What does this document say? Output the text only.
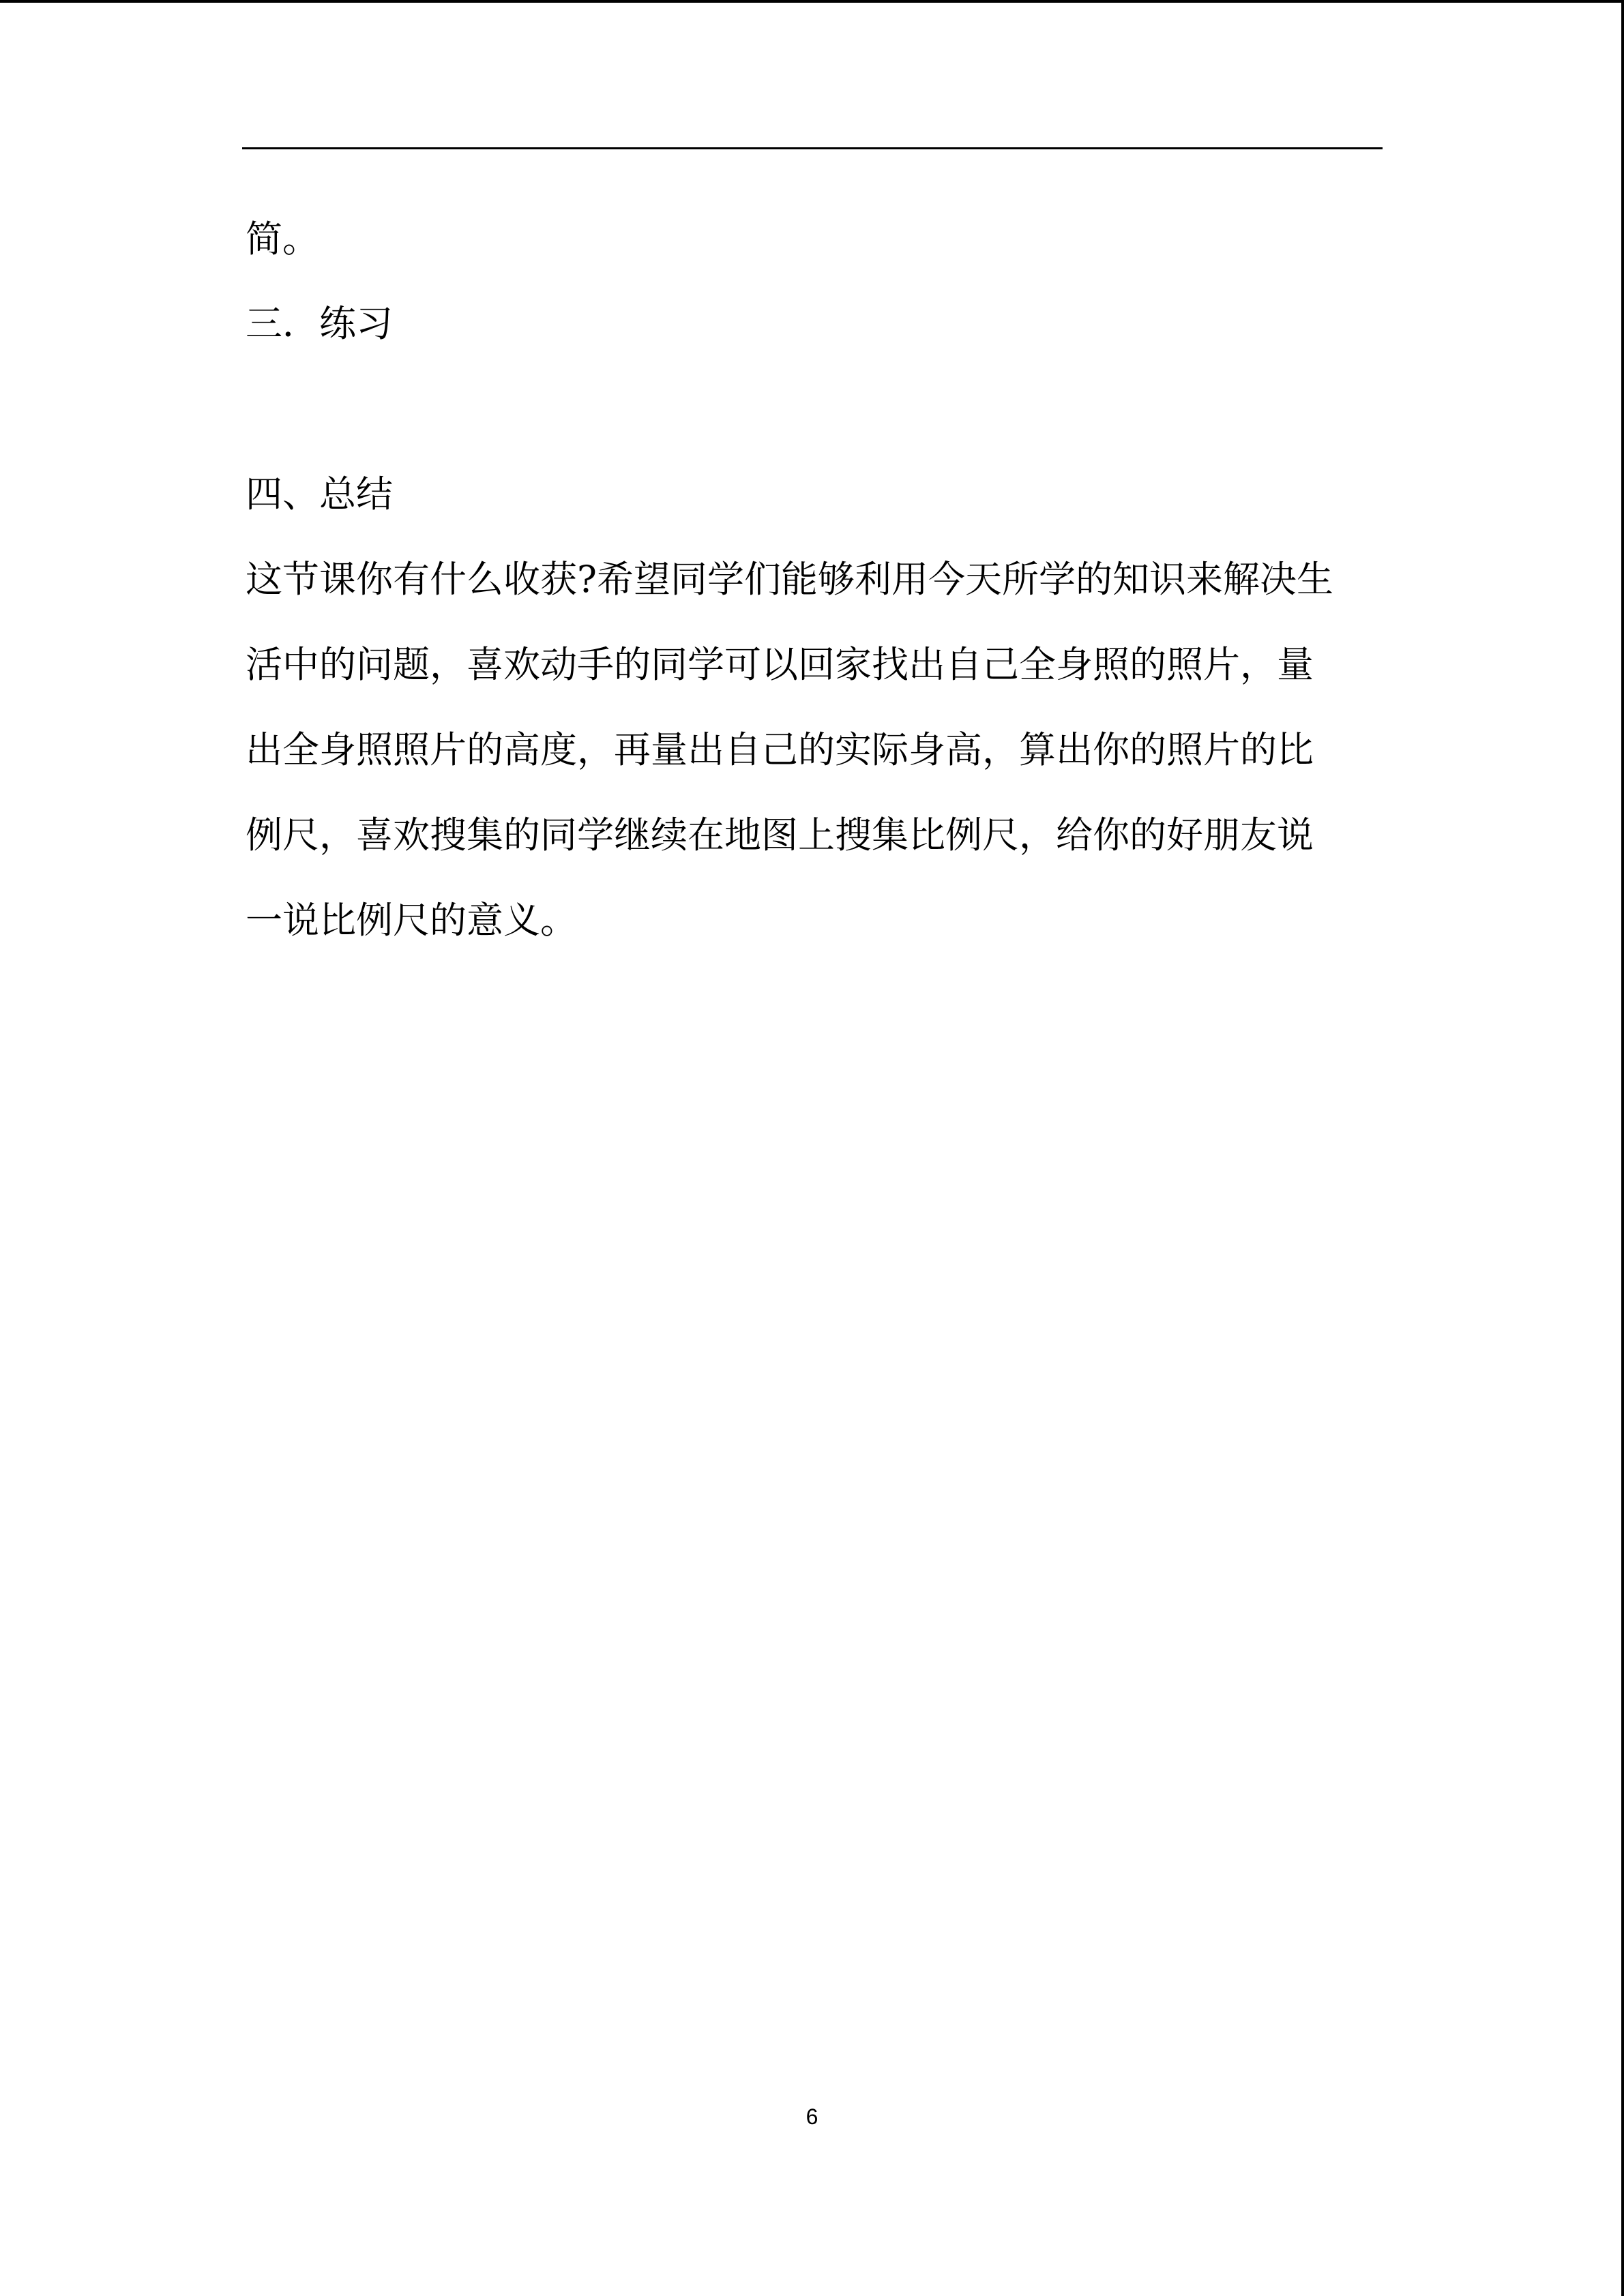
简。
三．练习
四、总结
这节课你有什么收获?希望同学们能够利用今天所学的知识来解决生
活中的问题，喜欢动手的同学可以回家找出自己全身照的照片，量
出全身照照片的高度，再量出自己的实际身高，算出你的照片的比
例尺，喜欢搜集的同学继续在地图上搜集比例尺，给你的好朋友说
一说比例尺的意义。
6
